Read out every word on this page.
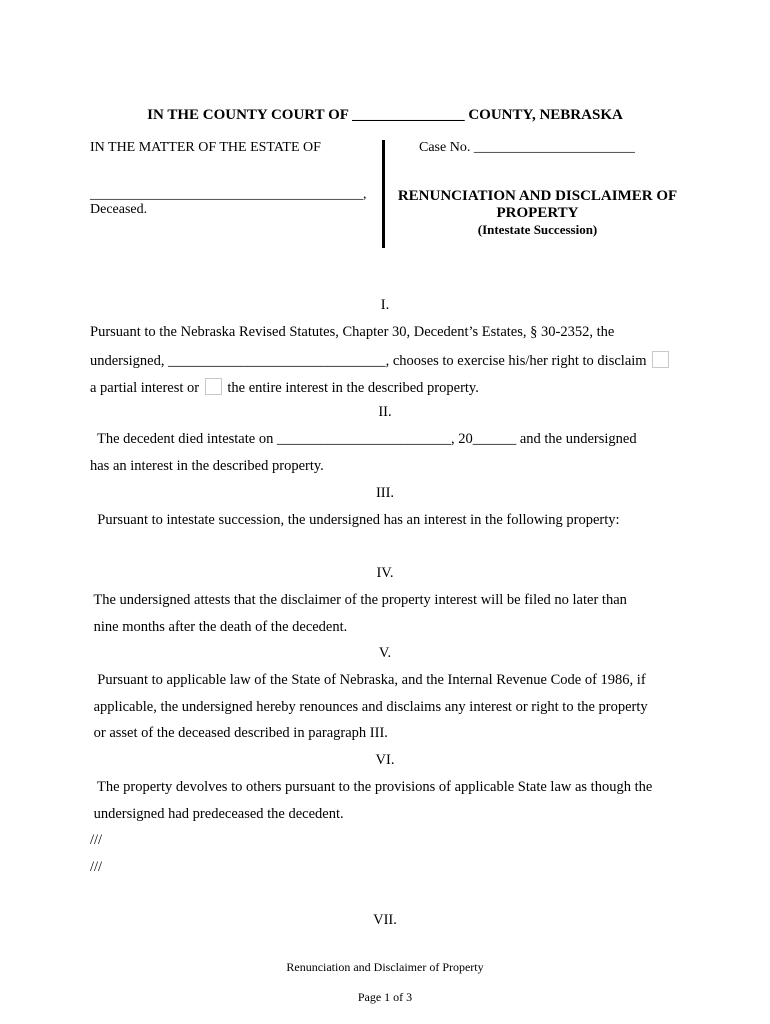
IN THE COUNTY COURT OF _______________ COUNTY, NEBRASKA
IN THE MATTER OF THE ESTATE OF
_______________________________________,
Deceased.
Case No. _______________________
RENUNCIATION AND DISCLAIMER OF PROPERTY
(Intestate Succession)
I.
Pursuant to the Nebraska Revised Statutes, Chapter 30, Decedent’s Estates, § 30-2352, the
undersigned, ______________________________, chooses to exercise his/her right to disclaim
a partial interest or  the entire interest in the described property.
II.
The decedent died intestate on ________________________, 20______ and the undersigned
has an interest in the described property.
III.
Pursuant to intestate succession, the undersigned has an interest in the following property:
IV.
The undersigned attests that the disclaimer of the property interest will be filed no later than
nine months after the death of the decedent.
V.
Pursuant to applicable law of the State of Nebraska, and the Internal Revenue Code of 1986, if
applicable, the undersigned hereby renounces and disclaims any interest or right to the property
or asset of the deceased described in paragraph III.
VI.
The property devolves to others pursuant to the provisions of applicable State law as though the
undersigned had predeceased the decedent.
///
///
VII.
Renunciation and Disclaimer of Property
Page 1 of 3
